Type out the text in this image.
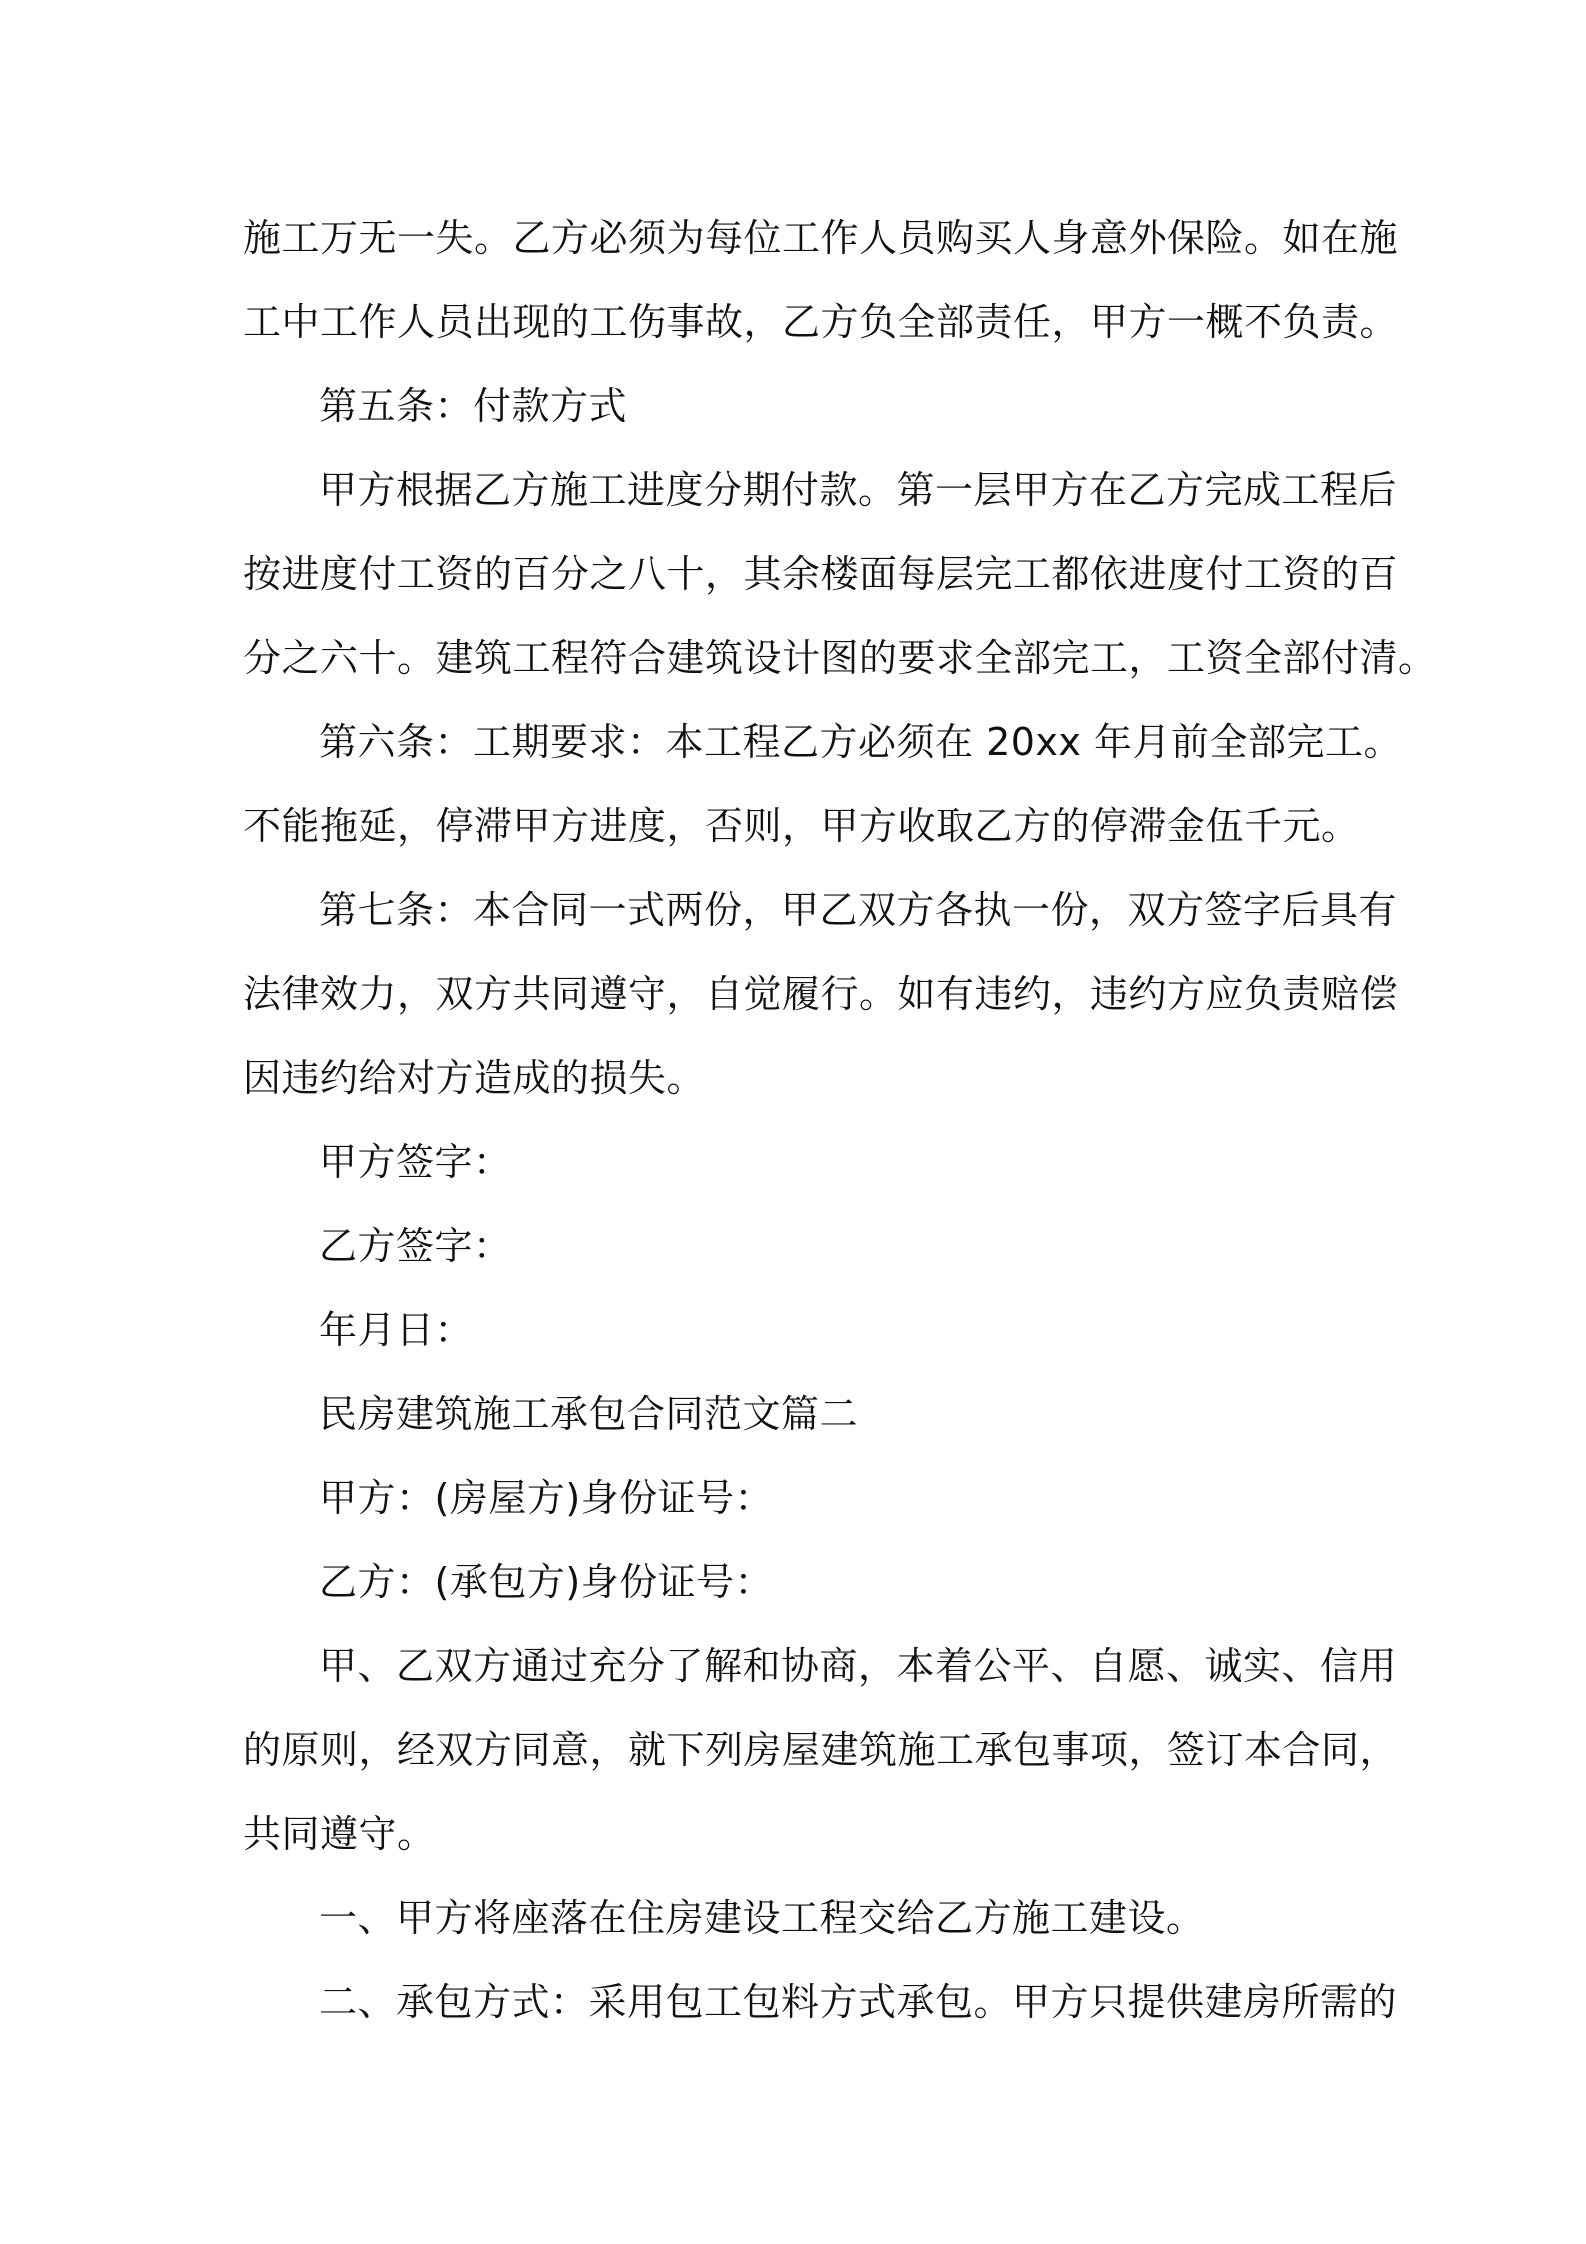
施工万无一失。乙方必须为每位工作人员购买人身意外保险。如在施
工中工作人员出现的工伤事故，乙方负全部责任，甲方一概不负责。
第五条：付款方式
甲方根据乙方施工进度分期付款。第一层甲方在乙方完成工程后
按进度付工资的百分之八十，其余楼面每层完工都依进度付工资的百
分之六十。建筑工程符合建筑设计图的要求全部完工，工资全部付清。
第六条：工期要求：本工程乙方必须在 20xx 年月前全部完工。
不能拖延，停滞甲方进度，否则，甲方收取乙方的停滞金伍千元。
第七条：本合同一式两份，甲乙双方各执一份，双方签字后具有
法律效力，双方共同遵守，自觉履行。如有违约，违约方应负责赔偿
因违约给对方造成的损失。
甲方签字：
乙方签字：
年月日：
民房建筑施工承包合同范文篇二
甲方：(房屋方)身份证号：
乙方：(承包方)身份证号：
甲、乙双方通过充分了解和协商，本着公平、自愿、诚实、信用
的原则，经双方同意，就下列房屋建筑施工承包事项，签订本合同，
共同遵守。
一、甲方将座落在住房建设工程交给乙方施工建设。
二、承包方式：采用包工包料方式承包。甲方只提供建房所需的
